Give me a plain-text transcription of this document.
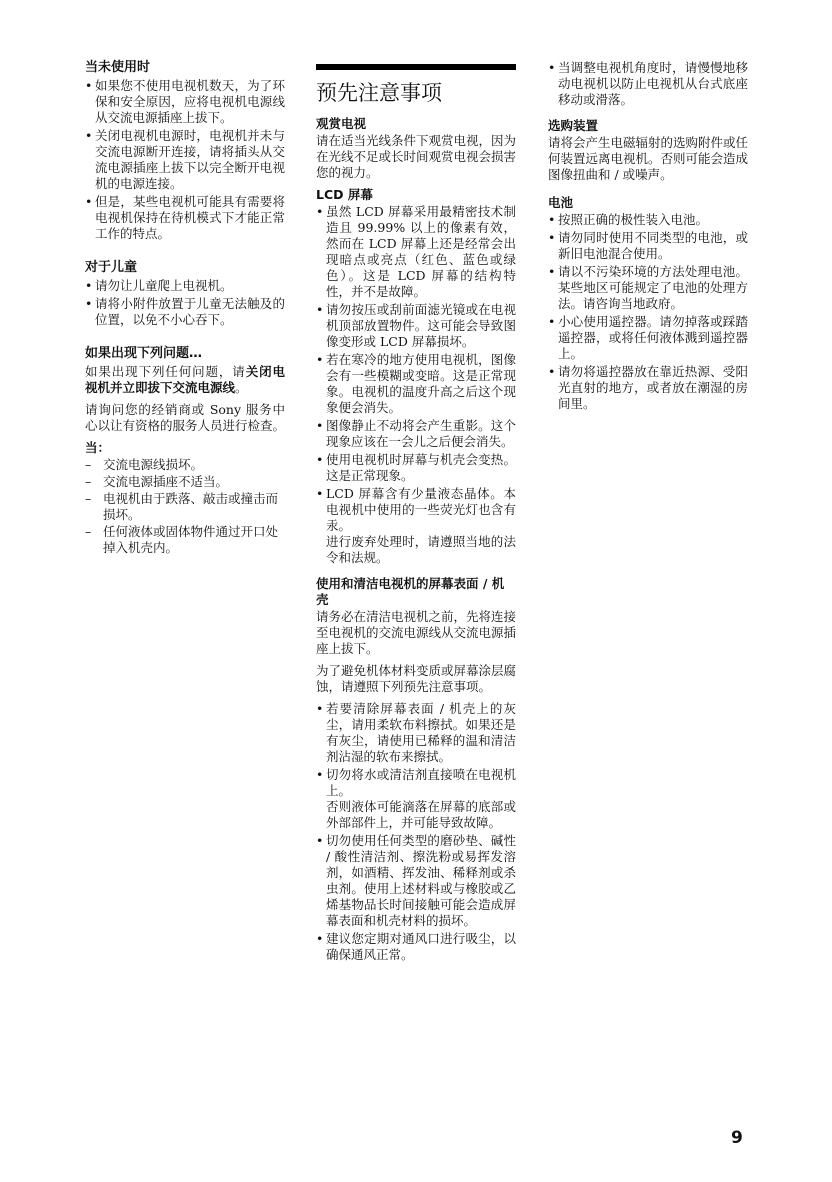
当未使用时
• 如果您不使用电视机数天，为了环保和安全原因，应将电视机电源线从交流电源插座上拔下。
• 关闭电视机电源时，电视机并未与交流电源断开连接，请将插头从交流电源插座上拔下以完全断开电视机的电源连接。
• 但是，某些电视机可能具有需要将电视机保持在待机模式下才能正常工作的特点。
对于儿童
• 请勿让儿童爬上电视机。
• 请将小附件放置于儿童无法触及的位置，以免不小心吞下。
如果出现下列问题…

如果出现下列任何问题，请关闭电视机并立即拔下交流电源线。

请询问您的经销商或 Sony 服务中心以让有资格的服务人员进行检查。

当：
– 交流电源线损坏。
– 交流电源插座不适当。
– 电视机由于跌落、敲击或撞击而损坏。
– 任何液体或固体物件通过开口处掉入机壳内。
预先注意事项
观赏电视

请在适当光线条件下观赏电视，因为在光线不足或长时间观赏电视会损害您的视力。

LCD 屏幕
• 虽然 LCD 屏幕采用最精密技术制造且 99.99% 以上的像素有效，然而在 LCD 屏幕上还是经常会出现暗点或亮点（红色、蓝色或绿色）。这是 LCD 屏幕的结构特性，并不是故障。
• 请勿按压或刮前面滤光镜或在电视机顶部放置物件。这可能会导致图像变形或 LCD 屏幕损坏。
• 若在寒冷的地方使用电视机，图像会有一些模糊或变暗。这是正常现象。电视机的温度升高之后这个现象便会消失。
• 图像静止不动将会产生重影。这个现象应该在一会儿之后便会消失。
• 使用电视机时屏幕与机壳会变热。这是正常现象。
• LCD 屏幕含有少量液态晶体。本电视机中使用的一些荧光灯也含有汞。
进行废弃处理时，请遵照当地的法令和法规。
使用和清洁电视机的屏幕表面 / 机壳

请务必在清洁电视机之前，先将连接至电视机的交流电源线从交流电源插座上拔下。

为了避免机体材料变质或屏幕涂层腐蚀，请遵照下列预先注意事项。

• 若要清除屏幕表面 / 机壳上的灰尘，请用柔软布料擦拭。如果还是有灰尘，请使用已稀释的温和清洁剂沾湿的软布来擦拭。
• 切勿将水或清洁剂直接喷在电视机上。
否则液体可能滴落在屏幕的底部或外部部件上，并可能导致故障。
• 切勿使用任何类型的磨砂垫、碱性 / 酸性清洁剂、擦洗粉或易挥发溶剂，如酒精、挥发油、稀释剂或杀虫剂。使用上述材料或与橡胶或乙烯基物品长时间接触可能会造成屏幕表面和机壳材料的损坏。
• 建议您定期对通风口进行吸尘，以确保通风正常。
• 当调整电视机角度时，请慢慢地移动电视机以防止电视机从台式底座移动或滑落。
选购装置

请将会产生电磁辐射的选购附件或任何装置远离电视机。否则可能会造成图像扭曲和 / 或噪声。

电池
• 按照正确的极性装入电池。
• 请勿同时使用不同类型的电池，或新旧电池混合使用。
• 请以不污染环境的方法处理电池。某些地区可能规定了电池的处理方法。请咨询当地政府。
• 小心使用遥控器。请勿掉落或踩踏遥控器，或将任何液体溅到遥控器上。
• 请勿将遥控器放在靠近热源、受阳光直射的地方，或者放在潮湿的房间里。
9
